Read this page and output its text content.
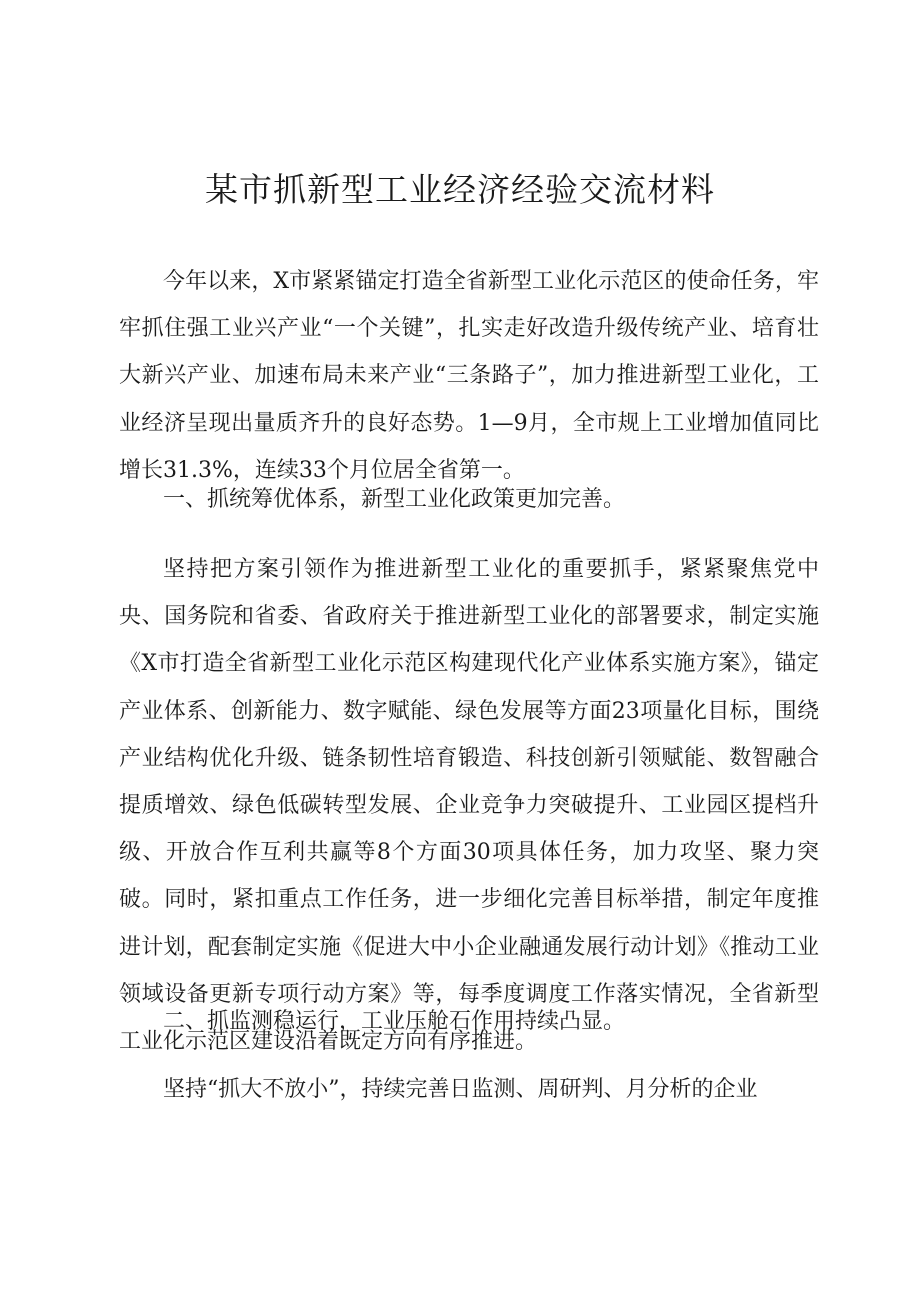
某市抓新型工业经济经验交流材料

今年以来，X市紧紧锚定打造全省新型工业化示范区的使命任务，牢牢抓住强工业兴产业“一个关键”，扎实走好改造升级传统产业、培育壮大新兴产业、加速布局未来产业“三条路子”，加力推进新型工业化，工业经济呈现出量质齐升的良好态势。1—9月，全市规上工业增加值同比增长31.3%，连续33个月位居全省第一。

一、抓统筹优体系，新型工业化政策更加完善。

坚持把方案引领作为推进新型工业化的重要抓手，紧紧聚焦党中央、国务院和省委、省政府关于推进新型工业化的部署要求，制定实施《X市打造全省新型工业化示范区构建现代化产业体系实施方案》，锚定产业体系、创新能力、数字赋能、绿色发展等方面23项量化目标，围绕产业结构优化升级、链条韧性培育锻造、科技创新引领赋能、数智融合提质增效、绿色低碳转型发展、企业竞争力突破提升、工业园区提档升级、开放合作互利共赢等8个方面30项具体任务，加力攻坚、聚力突破。同时，紧扣重点工作任务，进一步细化完善目标举措，制定年度推进计划，配套制定实施《促进大中小企业融通发展行动计划》《推动工业领域设备更新专项行动方案》等，每季度调度工作落实情况，全省新型工业化示范区建设沿着既定方向有序推进。

二、抓监测稳运行，工业压舱石作用持续凸显。

坚持“抓大不放小”，持续完善日监测、周研判、月分析的企业
